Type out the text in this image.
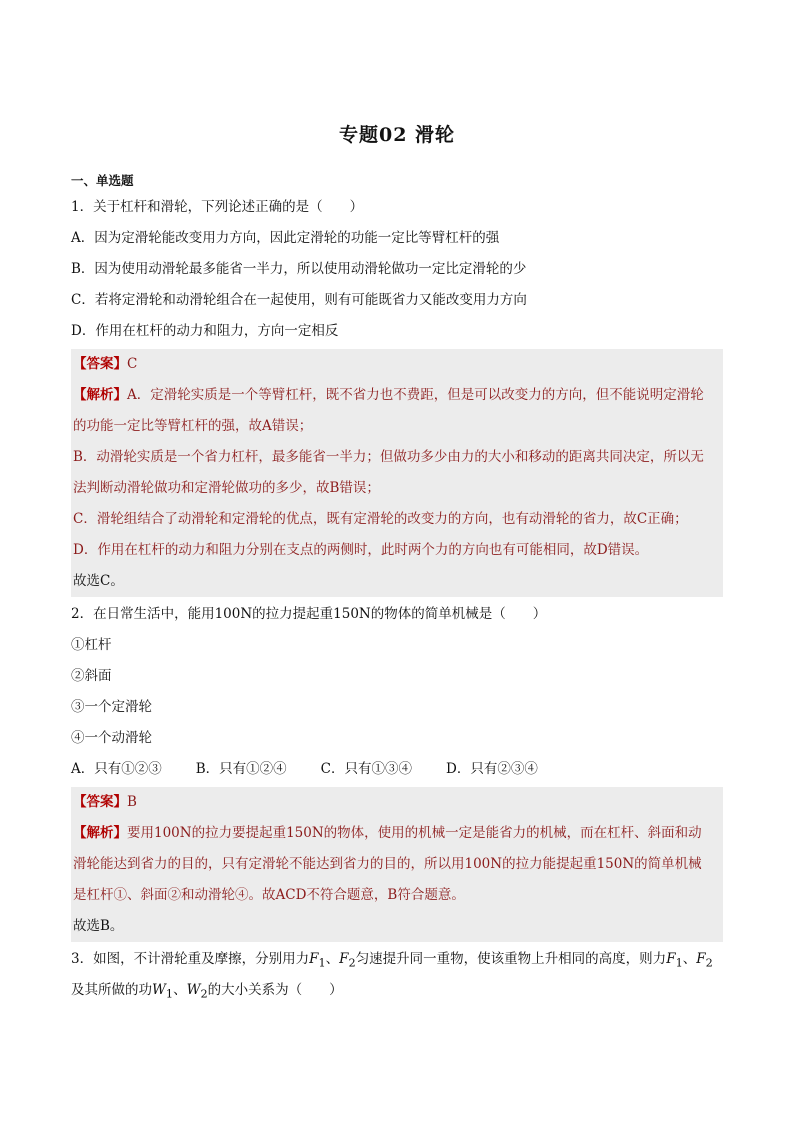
专题02 滑轮
一、单选题
1．关于杠杆和滑轮，下列论述正确的是（　　）
A．因为定滑轮能改变用力方向，因此定滑轮的功能一定比等臂杠杆的强
B．因为使用动滑轮最多能省一半力，所以使用动滑轮做功一定比定滑轮的少
C．若将定滑轮和动滑轮组合在一起使用，则有可能既省力又能改变用力方向
D．作用在杠杆的动力和阻力，方向一定相反
【答案】C
【解析】A．定滑轮实质是一个等臂杠杆，既不省力也不费距，但是可以改变力的方向，但不能说明定滑轮
的功能一定比等臂杠杆的强，故A错误；
B．动滑轮实质是一个省力杠杆，最多能省一半力；但做功多少由力的大小和移动的距离共同决定，所以无
法判断动滑轮做功和定滑轮做功的多少，故B错误；
C．滑轮组结合了动滑轮和定滑轮的优点，既有定滑轮的改变力的方向，也有动滑轮的省力，故C正确；
D．作用在杠杆的动力和阻力分别在支点的两侧时，此时两个力的方向也有可能相同，故D错误。
故选C。
2．在日常生活中，能用100N的拉力提起重150N的物体的简单机械是（　　）
①杠杆
②斜面
③一个定滑轮
④一个动滑轮
A．只有①②③	B．只有①②④	C．只有①③④	D．只有②③④
【答案】B
【解析】要用100N的拉力要提起重150N的物体，使用的机械一定是能省力的机械，而在杠杆、斜面和动
滑轮能达到省力的目的，只有定滑轮不能达到省力的目的，所以用100N的拉力能提起重150N的简单机械
是杠杆①、斜面②和动滑轮④。故ACD不符合题意，B符合题意。
故选B。
3．如图，不计滑轮重及摩擦，分别用力$F_1$、$F_2$匀速提升同一重物，使该重物上升相同的高度，则力$F_1$、$F_2$
及其所做的功$W_1$、$W_2$的大小关系为（　　）
